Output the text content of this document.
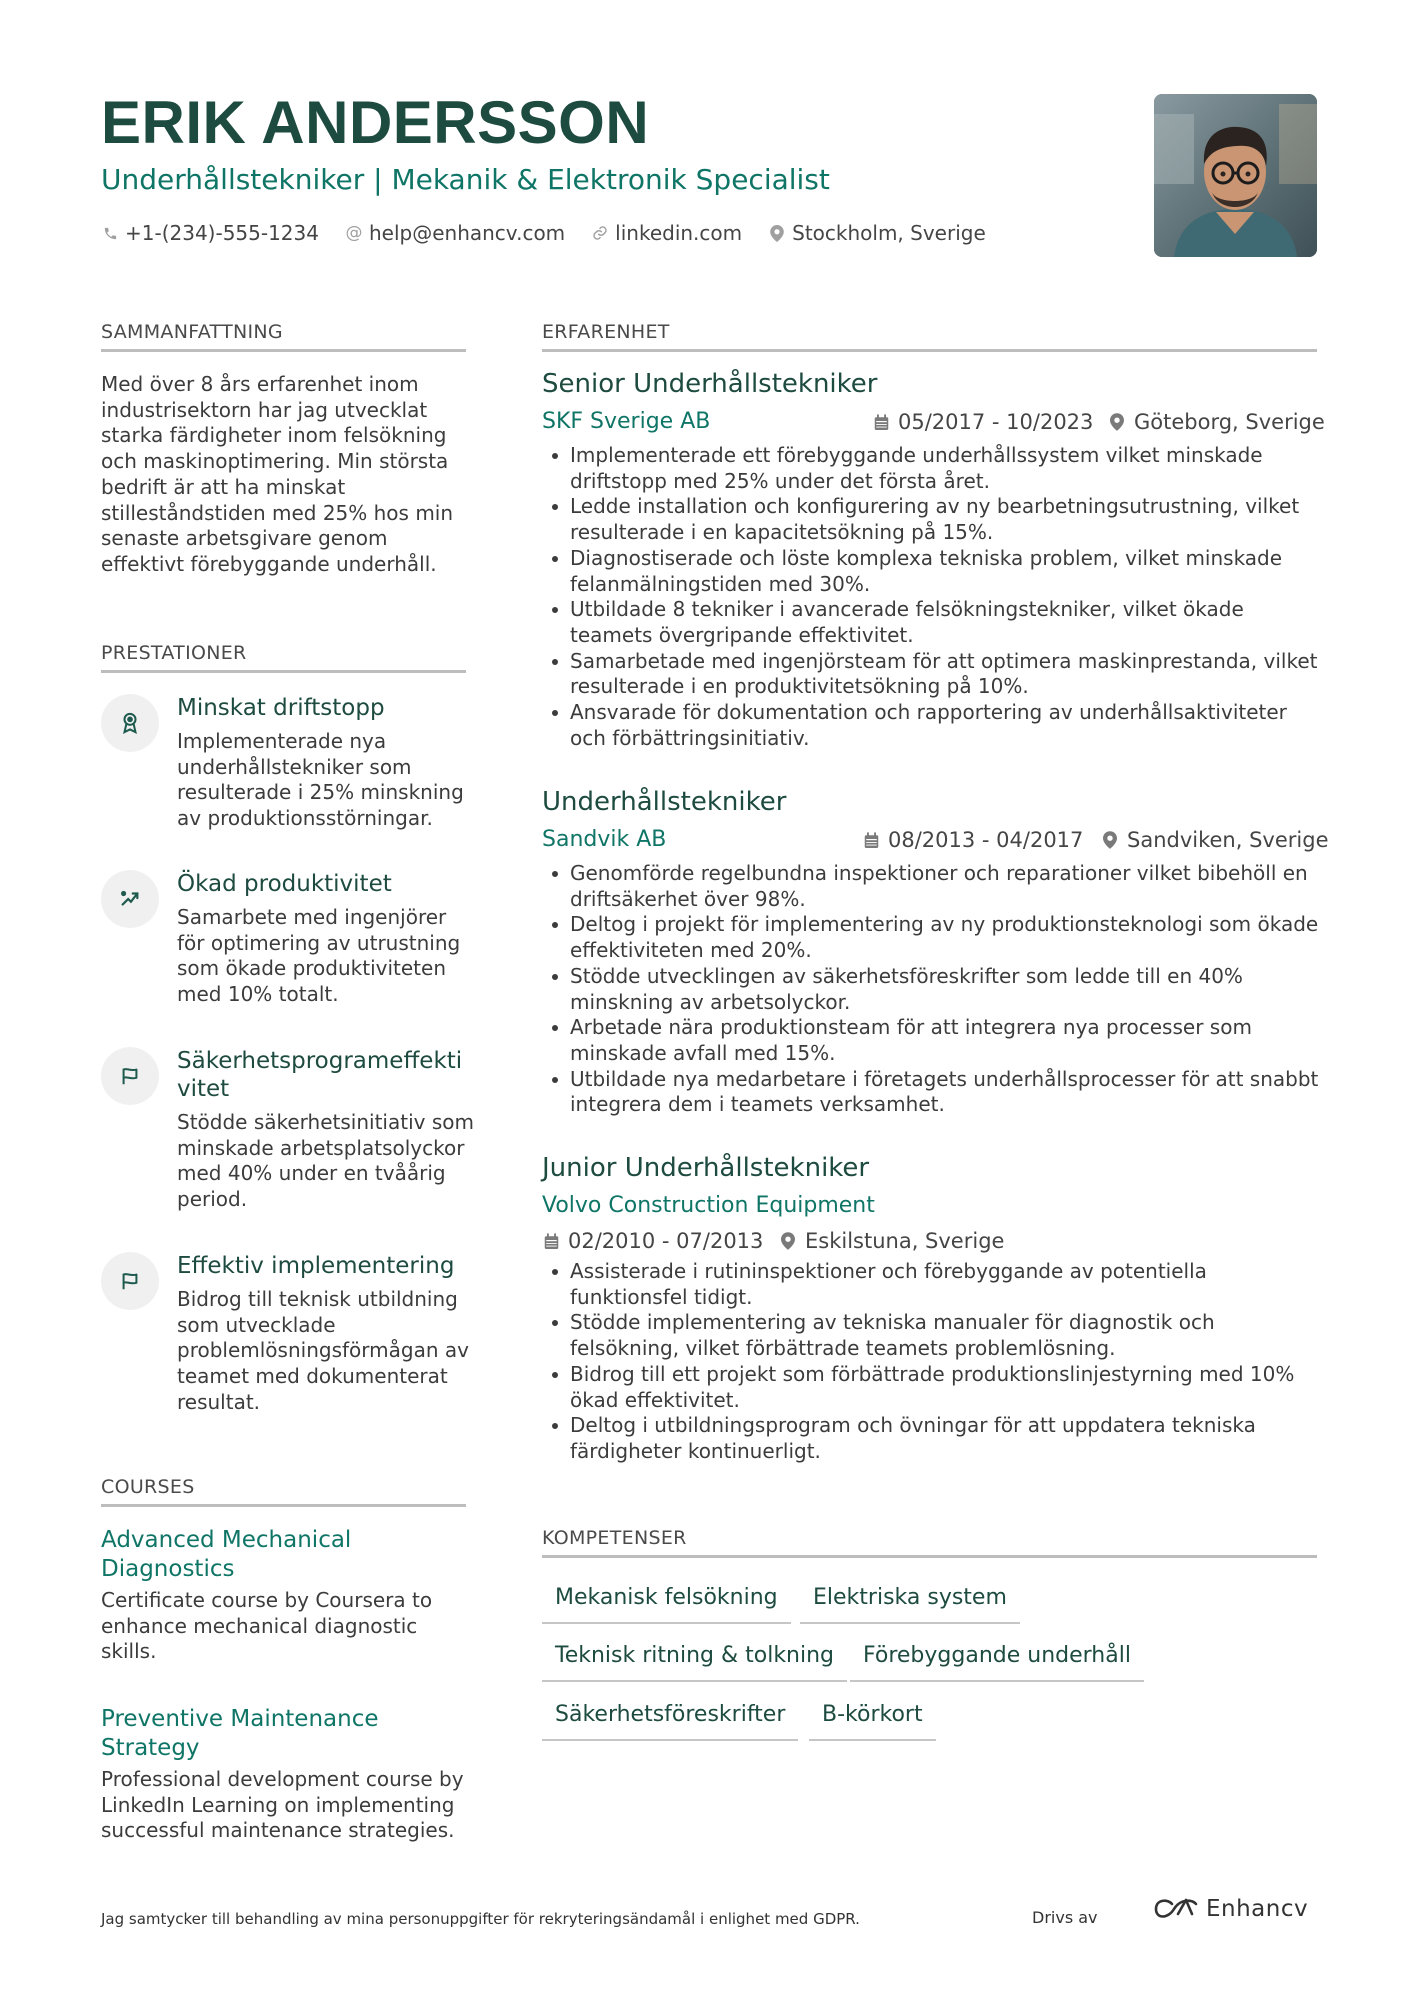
ERIK ANDERSSON
Underhållstekniker | Mekanik & Elektronik Specialist
+1-(234)-555-1234 @ help@enhancv.com	linkedin.com	Stockholm, Sverige
SAMMANFATTNING
Med över 8 års erfarenhet inom industrisektorn har jag utvecklat starka färdigheter inom felsökning och maskinoptimering. Min största bedrift är att ha minskat stilleståndstiden med 25% hos min senaste arbetsgivare genom effektivt förebyggande underhåll.
PRESTATIONER
Minskat driftstopp
Implementerade nya underhållstekniker som resulterade i 25% minskning av produktionsstörningar.
Ökad produktivitet
Samarbete med ingenjörer för optimering av utrustning som ökade produktiviteten med 10% totalt.
Säkerhetsprogrameffekti vitet
Stödde säkerhetsinitiativ som minskade arbetsplatsolyckor med 40% under en tvåårig period.
Effektiv implementering
Bidrog till teknisk utbildning som utvecklade problemlösningsförmågan av teamet med dokumenterat resultat.
COURSES
Advanced Mechanical Diagnostics
Certificate course by Coursera to enhance mechanical diagnostic skills.
Preventive Maintenance Strategy
Professional development course by LinkedIn Learning on implementing successful maintenance strategies.
ERFARENHET
Senior Underhållstekniker
SKF Sverige AB	05/2017 - 10/2023 Göteborg, Sverige
Implementerade ett förebyggande underhållssystem vilket minskade driftstopp med 25% under det första året.
Ledde installation och konfigurering av ny bearbetningsutrustning, vilket resulterade i en kapacitetsökning på 15%.
Diagnostiserade och löste komplexa tekniska problem, vilket minskade felanmälningstiden med 30%.
Utbildade 8 tekniker i avancerade felsökningstekniker, vilket ökade teamets övergripande effektivitet.
Samarbetade med ingenjörsteam för att optimera maskinprestanda, vilket resulterade i en produktivitetsökning på 10%.
Ansvarade för dokumentation och rapportering av underhållsaktiviteter och förbättringsinitiativ.
Underhållstekniker
Sandvik AB	08/2013 - 04/2017 Sandviken, Sverige
Genomförde regelbundna inspektioner och reparationer vilket bibehöll en driftsäkerhet över 98%.
Deltog i projekt för implementering av ny produktionsteknologi som ökade effektiviteten med 20%.
Stödde utvecklingen av säkerhetsföreskrifter som ledde till en 40% minskning av arbetsolyckor.
Arbetade nära produktionsteam för att integrera nya processer som minskade avfall med 15%.
Utbildade nya medarbetare i företagets underhållsprocesser för att snabbt integrera dem i teamets verksamhet.
Junior Underhållstekniker
Volvo Construction Equipment
02/2010 - 07/2013 Eskilstuna, Sverige
Assisterade i rutininspektioner och förebyggande av potentiella funktionsfel tidigt.
Stödde implementering av tekniska manualer för diagnostik och felsökning, vilket förbättrade teamets problemlösning.
Bidrog till ett projekt som förbättrade produktionslinjestyrning med 10% ökad effektivitet.
Deltog i utbildningsprogram och övningar för att uppdatera tekniska färdigheter kontinuerligt.
KOMPETENSER
Mekanisk felsökning	Elektriska system
Teknisk ritning & tolkning	Förebyggande underhåll
Säkerhetsföreskrifter	B-körkort
Jag samtycker till behandling av mina personuppgifter för rekryteringsändamål i enlighet med GDPR.	Drivs av	Enhancv
